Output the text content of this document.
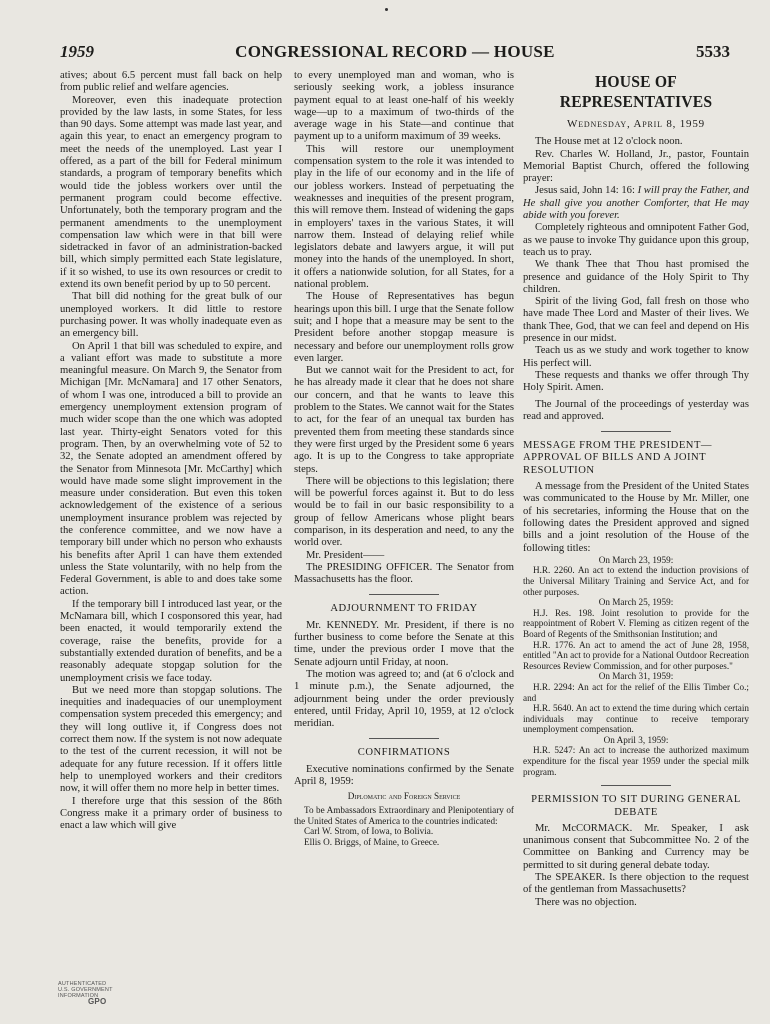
1959	CONGRESSIONAL RECORD — HOUSE	5533

atives; about 6.5 percent must fall back on help from public relief and welfare agencies.

Moreover, even this inadequate protection provided by the law lasts, in some States, for less than 90 days. Some attempt was made last year, and again this year, to enact an emergency program to meet the needs of the unemployed. Last year I offered, as a part of the bill for Federal minimum standards, a program of temporary benefits which would tide the jobless workers over until the permanent program could become effective. Unfortunately, both the temporary program and the permanent amendments to the unemployment compensation law which were in that bill were sidetracked in favor of an administration-backed bill, which simply permitted each State legislature, if it so wished, to use its own resources or credit to extend its own benefit period by up to 50 percent.

That bill did nothing for the great bulk of our unemployed workers. It did little to restore purchasing power. It was wholly inadequate even as an emergency bill.

On April 1 that bill was scheduled to expire, and a valiant effort was made to substitute a more meaningful measure. On March 9, the Senator from Michigan [Mr. McNamara] and 17 other Senators, of whom I was one, introduced a bill to provide an emergency unemployment extension program of much wider scope than the one which was adopted last year. Thirty-eight Senators voted for this program. Then, by an overwhelming vote of 52 to 32, the Senate adopted an amendment offered by the Senator from Minnesota [Mr. McCarthy] which would have made some slight improvement in the measure under consideration. But even this token acknowledgement of the existence of a serious unemployment insurance problem was rejected by the conference committee, and we now have a temporary bill under which no person who exhausts his benefits after April 1 can have them extended unless the State voluntarily, with no help from the Federal Government, is able to and does take some action.

If the temporary bill I introduced last year, or the McNamara bill, which I cosponsored this year, had been enacted, it would temporarily extend the coverage, raise the benefits, provide for a substantially extended duration of benefits, and be a reasonably adequate stopgap solution for the unemployment crisis we face today.

But we need more than stopgap solutions. The inequities and inadequacies of our unemployment compensation system preceded this emergency; and they will long outlive it, if Congress does not correct them now. If the system is not now adequate to the test of the current recession, it will not be adequate for any future recession. If it offers little help to unemployed workers and their creditors now, it will offer them no more help in better times.

I therefore urge that this session of the 86th Congress make it a primary order of business to enact a law which will give

to every unemployed man and woman, who is seriously seeking work, a jobless insurance payment equal to at least one-half of his weekly wage—up to a maximum of two-thirds of the average wage in his State—and continue that payment up to a uniform maximum of 39 weeks.

This will restore our unemployment compensation system to the role it was intended to play in the life of our economy and in the life of our jobless workers. Instead of perpetuating the weaknesses and inequities of the present program, this will remove them. Instead of widening the gaps in employers' taxes in the various States, it will narrow them. Instead of delaying relief while legislators debate and lawyers argue, it will put money into the hands of the unemployed. In short, it offers a nationwide solution, for all States, for a national problem.

The House of Representatives has begun hearings upon this bill. I urge that the Senate follow suit; and I hope that a measure may be sent to the President before another stopgap measure is necessary and before our unemployment rolls grow even larger.

But we cannot wait for the President to act, for he has already made it clear that he does not share our concern, and that he wants to leave this problem to the States. We cannot wait for the States to act, for the fear of an unequal tax burden has prevented them from meeting these standards since they were first urged by the President some 6 years ago. It is up to the Congress to take appropriate steps.

There will be objections to this legislation; there will be powerful forces against it. But to do less would be to fail in our basic responsibility to a group of fellow Americans whose plight bears comparison, in its desperation and need, to any the world over.

Mr. President——

The PRESIDING OFFICER. The Senator from Massachusetts has the floor.

ADJOURNMENT TO FRIDAY

Mr. KENNEDY. Mr. President, if there is no further business to come before the Senate at this time, under the previous order I move that the Senate adjourn until Friday, at noon.

The motion was agreed to; and (at 6 o'clock and 1 minute p.m.), the Senate adjourned, the adjournment being under the order previously entered, until Friday, April 10, 1959, at 12 o'clock meridian.

CONFIRMATIONS

Executive nominations confirmed by the Senate April 8, 1959:

Diplomatic and Foreign Service

To be Ambassadors Extraordinary and Plenipotentiary of the United States of America to the countries indicated:

Carl W. Strom, of Iowa, to Bolivia.

Ellis O. Briggs, of Maine, to Greece.

HOUSE OF REPRESENTATIVES
Wednesday, April 8, 1959

The House met at 12 o'clock noon.

Rev. Charles W. Holland, Jr., pastor, Fountain Memorial Baptist Church, offered the following prayer:

Jesus said, John 14: 16: I will pray the Father, and He shall give you another Comforter, that He may abide with you forever.

Completely righteous and omnipotent Father God, as we pause to invoke Thy guidance upon this group, teach us to pray.

We thank Thee that Thou hast promised the presence and guidance of the Holy Spirit to Thy children.

Spirit of the living God, fall fresh on those who have made Thee Lord and Master of their lives. We thank Thee, God, that we can feel and depend on His presence in our midst.

Teach us as we study and work together to know His perfect will.

These requests and thanks we offer through Thy Holy Spirit. Amen.

The Journal of the proceedings of yesterday was read and approved.

MESSAGE FROM THE PRESIDENT—APPROVAL OF BILLS AND A JOINT RESOLUTION

A message from the President of the United States was communicated to the House by Mr. Miller, one of his secretaries, informing the House that on the following dates the President approved and signed bills and a joint resolution of the House of the following titles:

On March 23, 1959:

H.R. 2260. An act to extend the induction provisions of the Universal Military Training and Service Act, and for other purposes.

On March 25, 1959:

H.J. Res. 198. Joint resolution to provide for the reappointment of Robert V. Fleming as citizen regent of the Board of Regents of the Smithsonian Institution; and

H.R. 1776. An act to amend the act of June 28, 1958, entitled "An act to provide for a National Outdoor Recreation Resources Review Commission, and for other purposes."

On March 31, 1959:

H.R. 2294: An act for the relief of the Ellis Timber Co.; and

H.R. 5640. An act to extend the time during which certain individuals may continue to receive temporary unemployment compensation.

On April 3, 1959:

H.R. 5247: An act to increase the authorized maximum expenditure for the fiscal year 1959 under the special milk program.

PERMISSION TO SIT DURING GENERAL DEBATE

Mr. McCORMACK. Mr. Speaker, I ask unanimous consent that Subcommittee No. 2 of the Committee on Banking and Currency may be permitted to sit during general debate today.

The SPEAKER. Is there objection to the request of the gentleman from Massachusetts?

There was no objection.

AUTHENTICATED
U.S. GOVERNMENT
INFORMATION
GPO
